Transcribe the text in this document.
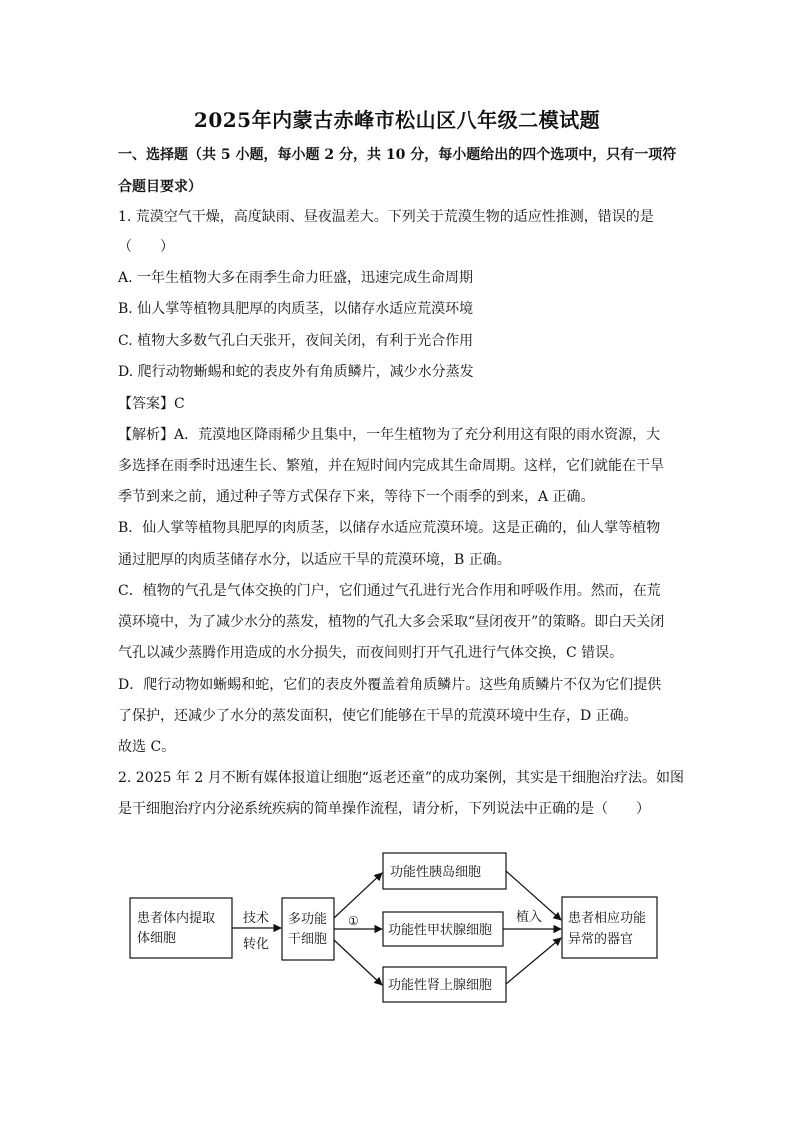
2025年内蒙古赤峰市松山区八年级二模试题
一、选择题（共 5 小题，每小题 2 分，共 10 分，每小题给出的四个选项中，只有一项符
合题目要求）
1. 荒漠空气干燥，高度缺雨、昼夜温差大。下列关于荒漠生物的适应性推测，错误的是
（　　）
A. 一年生植物大多在雨季生命力旺盛，迅速完成生命周期
B. 仙人掌等植物具肥厚的肉质茎，以储存水适应荒漠环境
C. 植物大多数气孔白天张开，夜间关闭，有利于光合作用
D. 爬行动物蜥蜴和蛇的表皮外有角质鳞片，减少水分蒸发
【答案】C
【解析】A．荒漠地区降雨稀少且集中，一年生植物为了充分利用这有限的雨水资源，大
多选择在雨季时迅速生长、繁殖，并在短时间内完成其生命周期。这样，它们就能在干旱
季节到来之前，通过种子等方式保存下来，等待下一个雨季的到来，A 正确。
B．仙人掌等植物具肥厚的肉质茎，以储存水适应荒漠环境。这是正确的，仙人掌等植物
通过肥厚的肉质茎储存水分，以适应干旱的荒漠环境，B 正确。
C．植物的气孔是气体交换的门户，它们通过气孔进行光合作用和呼吸作用。然而，在荒
漠环境中，为了减少水分的蒸发，植物的气孔大多会采取“昼闭夜开”的策略。即白天关闭
气孔以减少蒸腾作用造成的水分损失，而夜间则打开气孔进行气体交换，C 错误。
D．爬行动物如蜥蜴和蛇，它们的表皮外覆盖着角质鳞片。这些角质鳞片不仅为它们提供
了保护，还减少了水分的蒸发面积，使它们能够在干旱的荒漠环境中生存，D 正确。
故选 C。
2. 2025 年 2 月不断有媒体报道让细胞“返老还童”的成功案例，其实是干细胞治疗法。如图
是干细胞治疗内分泌系统疾病的简单操作流程，请分析，下列说法中正确的是（　　）
患者体内提取
体细胞
技术
转化
多功能
干细胞
①
功能性胰岛细胞
功能性甲状腺细胞
功能性肾上腺细胞
植入 患者相应功能
异常的器官
